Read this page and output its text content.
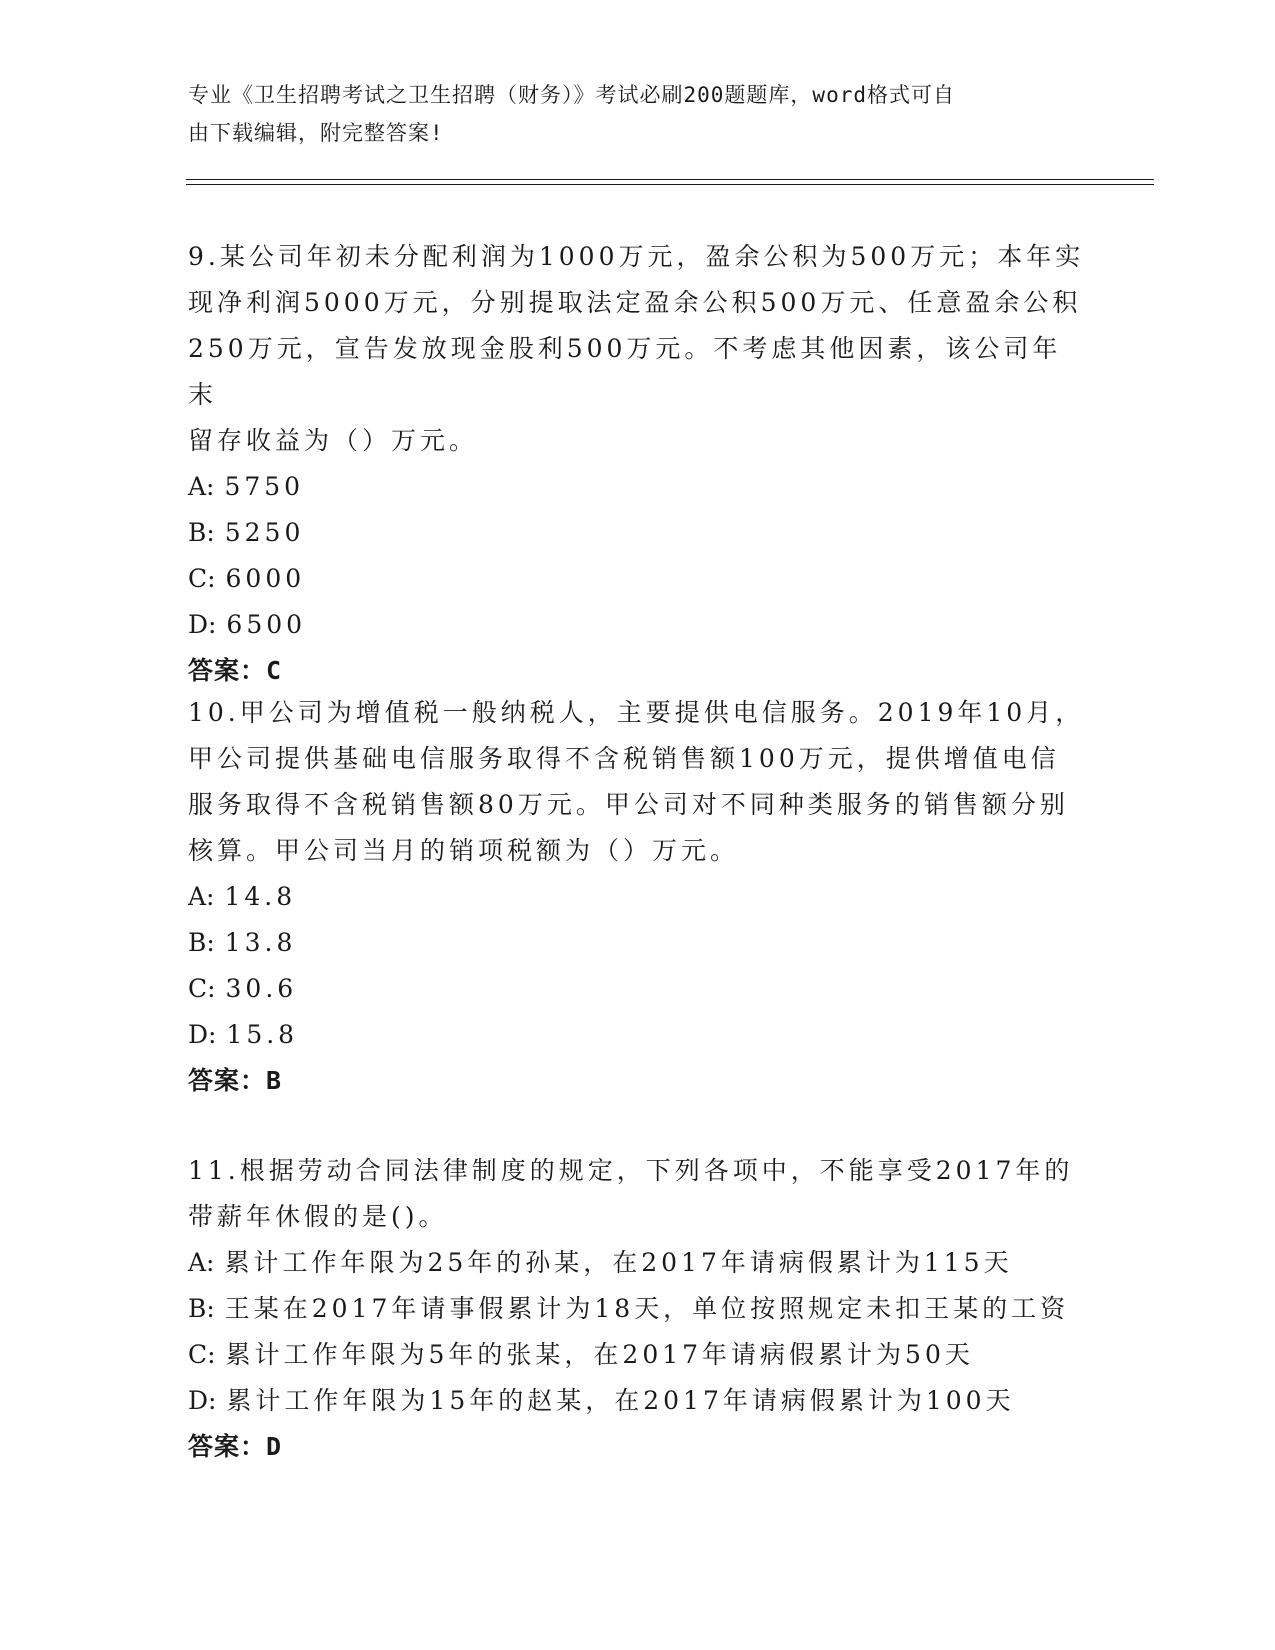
专业《卫生招聘考试之卫生招聘（财务）》考试必刷200题题库，word格式可自
由下载编辑，附完整答案!

9.某公司年初未分配利润为1000万元，盈余公积为500万元；本年实

现净利润5000万元，分别提取法定盈余公积500万元、任意盈余公积

250万元，宣告发放现金股利500万元。不考虑其他因素，该公司年末

留存收益为（）万元。

A: 5750

B: 5250

C: 6000

D: 6500

答案：C

10.甲公司为增值税一般纳税人，主要提供电信服务。2019年10月，

甲公司提供基础电信服务取得不含税销售额100万元，提供增值电信

服务取得不含税销售额80万元。甲公司对不同种类服务的销售额分别

核算。甲公司当月的销项税额为（）万元。

A: 14.8

B: 13.8

C: 30.6

D: 15.8

答案：B

11.根据劳动合同法律制度的规定，下列各项中，不能享受2017年的

带薪年休假的是()。

A: 累计工作年限为25年的孙某，在2017年请病假累计为115天

B: 王某在2017年请事假累计为18天，单位按照规定未扣王某的工资

C: 累计工作年限为5年的张某，在2017年请病假累计为50天

D: 累计工作年限为15年的赵某，在2017年请病假累计为100天

答案：D
